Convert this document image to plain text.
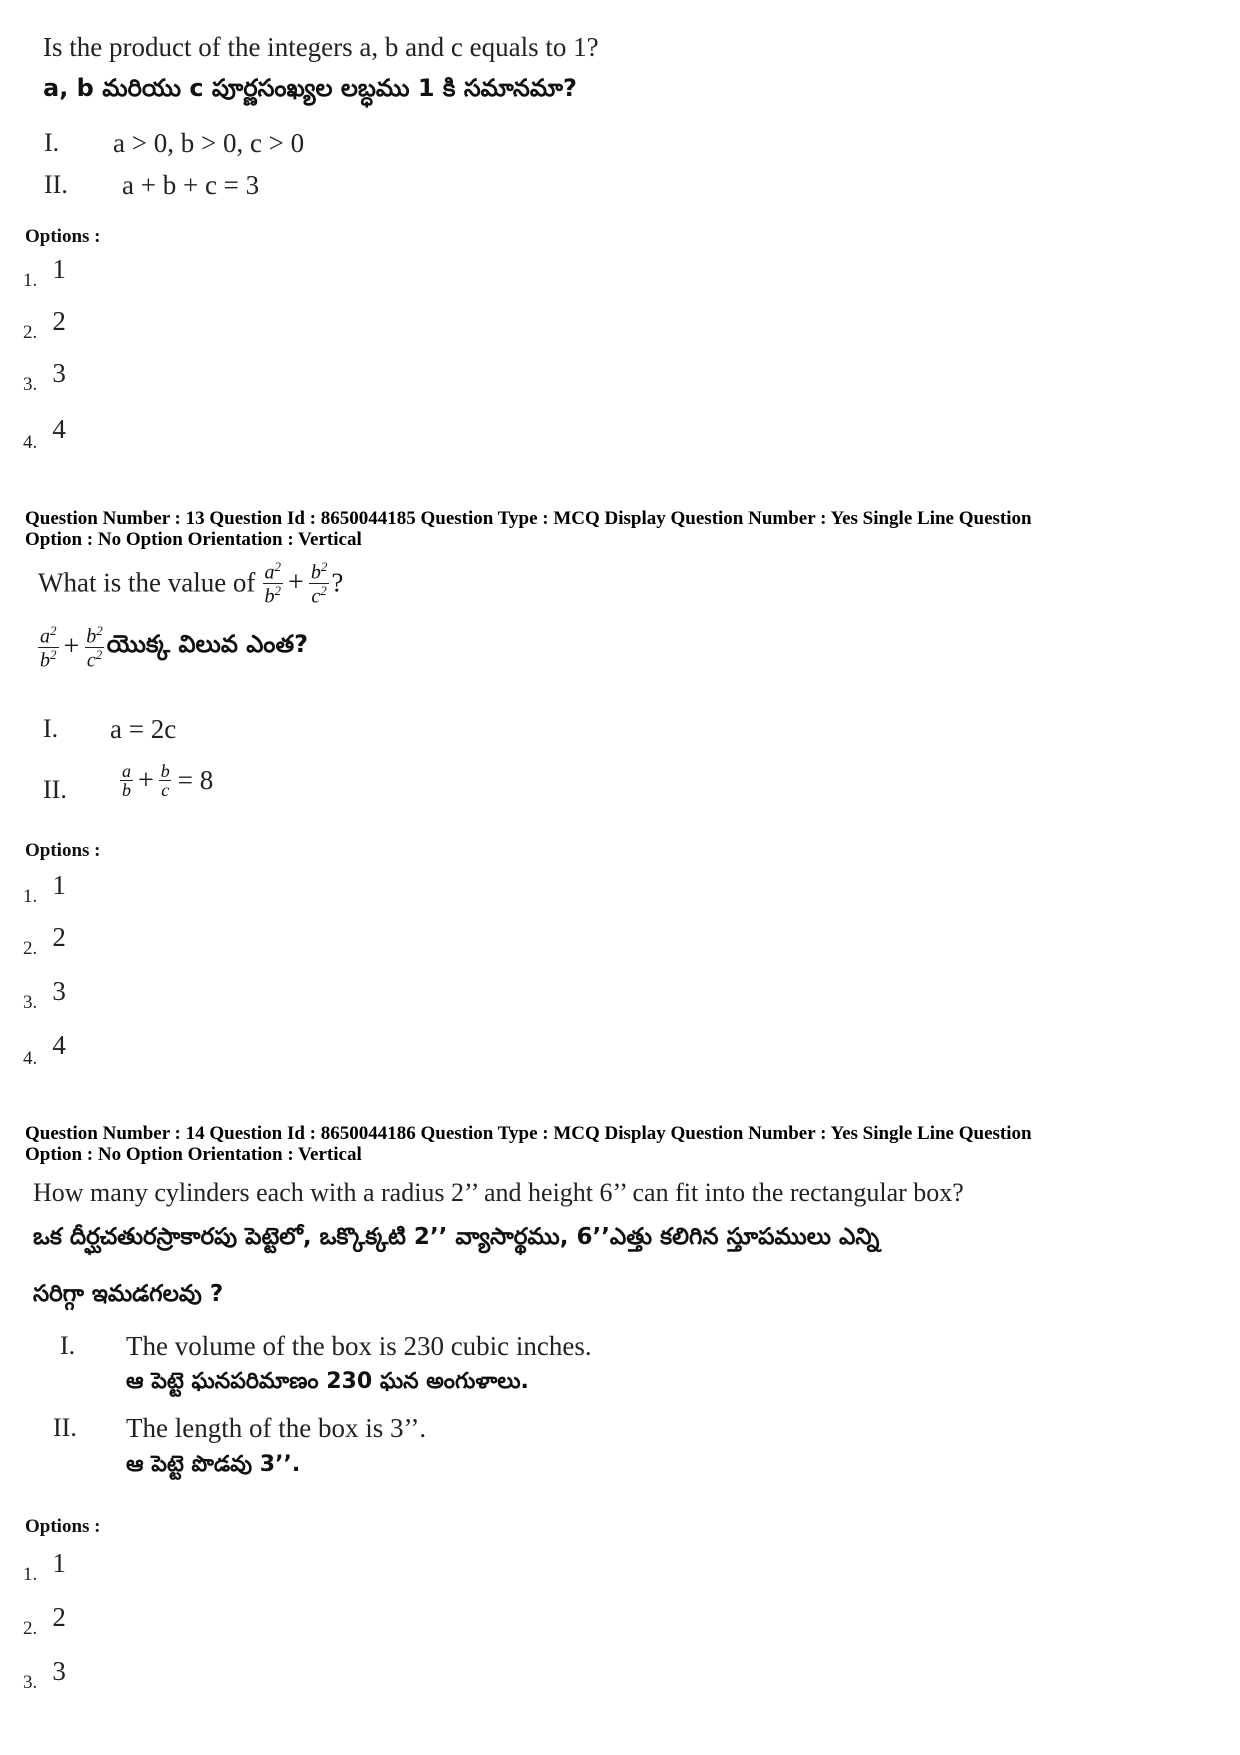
Is the product of the integers a, b and c equals to 1?
a, b మరియు c పూర్ణసంఖ్యల లబ్ధము 1 కి సమానమా?
I. a > 0, b > 0, c > 0
II. a + b + c = 3
Options :
1. 1
2. 2
3. 3
4. 4
Question Number : 13 Question Id : 8650044185 Question Type : MCQ Display Question Number : Yes Single Line Question
Option : No Option Orientation : Vertical
What is the value of $\frac{a^2}{b^2} + \frac{b^2}{c^2}$ ?
$\frac{a^2}{b^2} + \frac{b^2}{c^2}$ యొక్క విలువ ఎంత?
I. a = 2c
II.	$\frac{a}{b} + \frac{b}{c} = 8$
Options :
1. 1
2. 2
3. 3
4. 4
Question Number : 14 Question Id : 8650044186 Question Type : MCQ Display Question Number : Yes Single Line Question
Option : No Option Orientation : Vertical
How many cylinders each with a radius 2’’ and height 6’’ can fit into the rectangular box?
ఒక దీర్ఘచతురస్రాకారపు పెట్టెలో, ఒక్కొక్కటి 2’’ వ్యాసార్థము, 6’’ఎత్తు కలిగిన స్తూపములు ఎన్ని
సరిగ్గా ఇమడగలవు ?
I. The volume of the box is 230 cubic inches.
ఆ పెట్టె ఘనపరిమాణం 230 ఘన అంగుళాలు.
II. The length of the box is 3’’.
ఆ పెట్టె పొడవు 3’’.
Options :
1. 1
2. 2
3. 3
